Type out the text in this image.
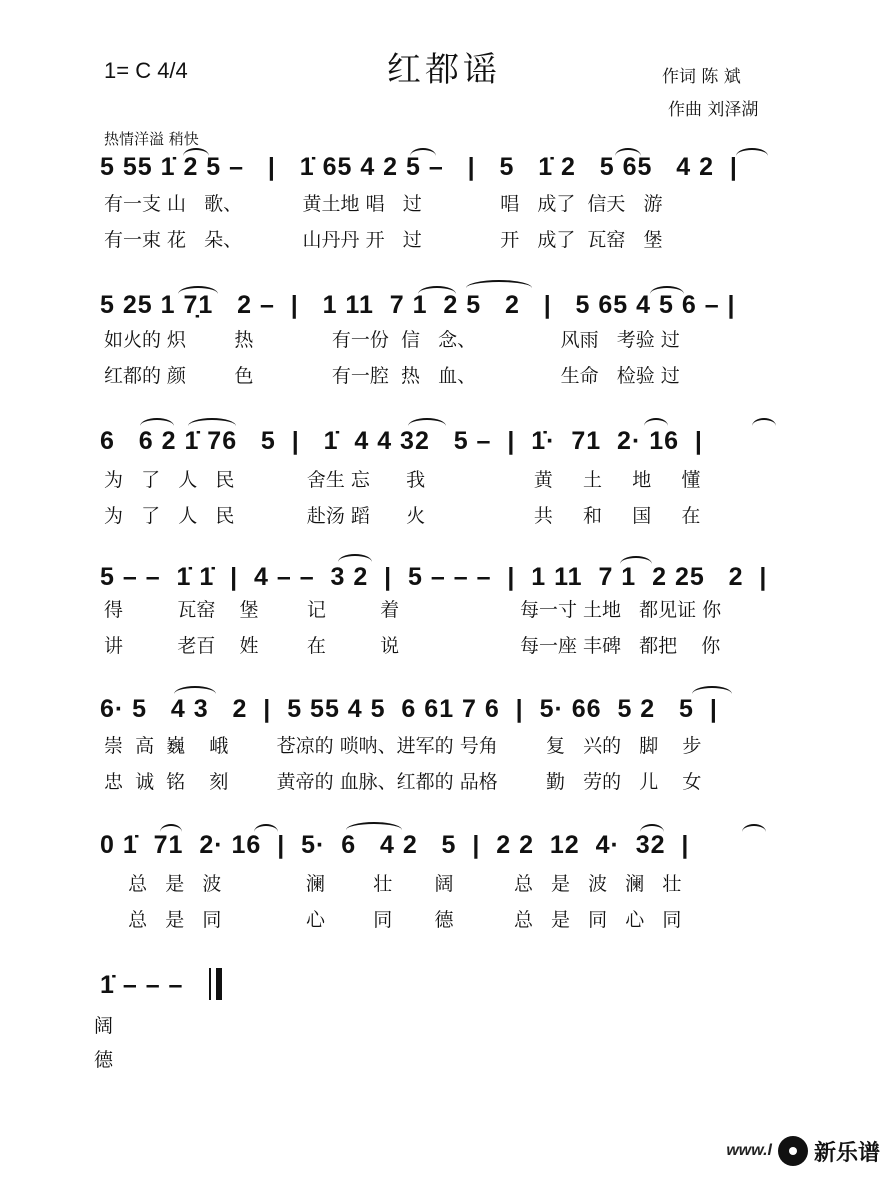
1= C 4/4	红都谣	作词 陈 斌
作曲 刘泽湖
热情洋溢 稍快
5 55 1̇ 2 5 –   |   1̇ 65 4 2 5 –   |   5   1̇ 2   5 65   4 2  |
有一支 山   歌、          黄土地 唱   过             唱   成了  信天   游
有一束 花   朵、          山丹丹 开   过             开   成了  瓦窑   堡
5 25 1 7̣1   2 –  |   1 11  7 1  2 5   2   |   5 65 4 5 6 – |
如火的 炽        热             有一份  信   念、              风雨   考验 过
红都的 颜        色             有一腔  热   血、              生命   检验 过
6   6 2 1̇ 76   5  |   1̇  4 4 32   5 –  |  1̇·  71  2· 16  |
为   了   人   民            舍生 忘      我                  黄     土     地     懂
为   了   人   民            赴汤 蹈      火                  共     和     国     在
5 – –  1̇ 1̇  |  4 – –  3 2  |  5 – – –  |  1 11  7 1  2 25   2  |
得         瓦窑    堡        记         着                    每一寸 土地   都见证 你
讲         老百    姓        在         说                    每一座 丰碑   都把    你
6· 5   4 3   2  |  5 55 4 5  6 61 7 6  |  5· 66  5 2   5  |
崇  高  巍    峨        苍凉的 唢呐、进军的 号角        复   兴的   脚    步
忠  诚  铭    刻        黄帝的 血脉、红都的 品格        勤   劳的   儿    女
0 1̇  71  2· 16  |  5·  6   4 2   5  |  2 2  12  4·  32  |
总   是   波              澜        壮       阔          总   是   波   澜   壮
总   是   同              心        同       德          总   是   同   心   同
1̇ – – –
阔
德
www.l 新乐谱
